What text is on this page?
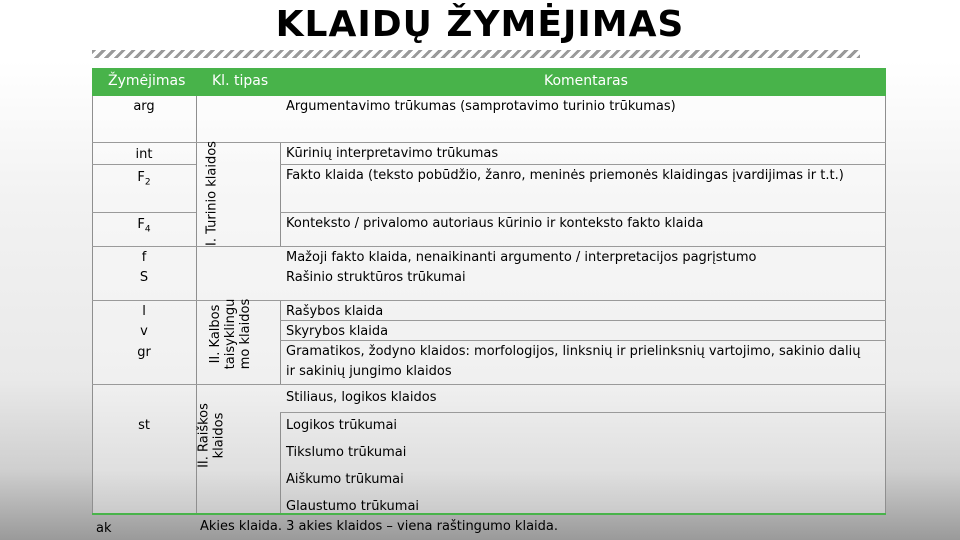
KLAIDŲ ŽYMĖJIMAS
Žymėjimas Kl. tipas	Komentaras
arg
int
$F_2$
$F_4$
f
S
l
v
gr
st
I. Turinio klaidos
II. Kalbos taisyklingu mo klaidos
II. Raiškos klaidos
Argumentavimo trūkumas (samprotavimo turinio trūkumas)
Kūrinių interpretavimo trūkumas
Fakto klaida (teksto pobūdžio, žanro, meninės priemonės klaidingas įvardijimas ir t.t.)
Konteksto / privalomo autoriaus kūrinio ir konteksto fakto klaida
Mažoji fakto klaida, nenaikinanti argumento / interpretacijos pagrįstumo
Rašinio struktūros trūkumai
Rašybos klaida
Skyrybos klaida
Gramatikos, žodyno klaidos: morfologijos, linksnių ir prielinksnių vartojimo, sakinio dalių
ir sakinių jungimo klaidos
Stiliaus, logikos klaidos
Logikos trūkumai
Tikslumo trūkumai
Aiškumo trūkumai
Glaustumo trūkumai
ak	Akies klaida. 3 akies klaidos – viena raštingumo klaida.
